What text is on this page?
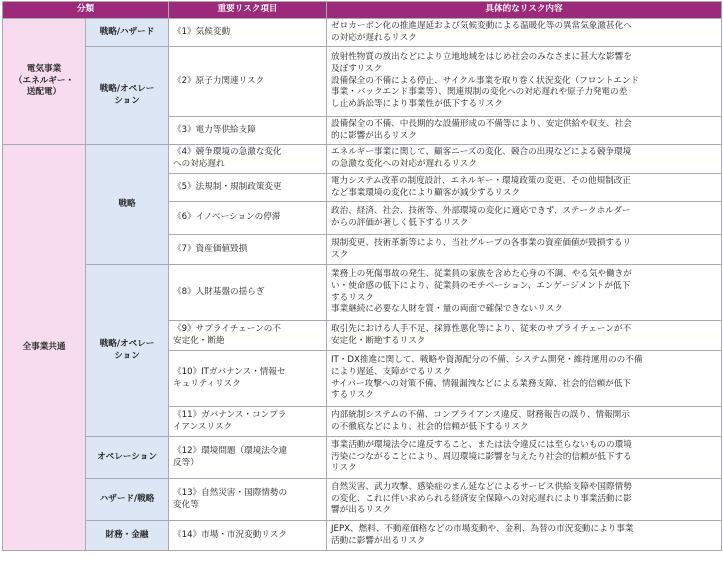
分類		重要リスク項目	具体的なリスク内容
電気事業
（エネルギー・
送配電）	戦略/ハザード	《1》気候変動	ゼロカーボン化の推進遅延および気候変動による温暖化等の異常気象激甚化へ
の対応が遅れるリスク
	戦略/オペレー
ション	《2》原子力関連リスク	放射性物質の放出などにより立地地域をはじめ社会のみなさまに甚大な影響を
及ぼすリスク
設備保全の不備による停止、サイクル事業を取り巻く状況変化（フロントエンド
事業・バックエンド事業等）、関連規制の変化への対応遅れや原子力発電の差
し止め訴訟等により事業性が低下するリスク
		《3》電力等供給支障	設備保全の不備、中長期的な設備形成の不備等により、安定供給や収支、社会
的に影響が出るリスク
全事業共通	戦略	《4》競争環境の急激な変化
への対応遅れ	エネルギー事業に関して、顧客ニーズの変化、競合の出現などによる競争環境
の急激な変化への対応が遅れるリスク
		《5》法規制・規制政策変更	電力システム改革の制度設計、エネルギー・環境政策の変更、その他規制改正
など事業環境の変化により顧客が減少するリスク
		《6》イノベーションの停滞	政治、経済、社会、技術等、外部環境の変化に適応できず、ステークホルダー
からの評価が著しく低下するリスク
		《7》資産価値毀損	規制変更、技術革新等により、当社グループの各事業の資産価値が毀損するリ
スク
	戦略/オペレー
ション	《8》人財基盤の揺らぎ	業務上の死傷事故の発生、従業員の家族を含めた心身の不調、やる気や働きが
い・使命感の低下により、従業員のモチベーション、エンゲージメントが低下
するリスク
事業継続に必要な人財を質・量の両面で確保できないリスク
		《9》サプライチェーンの不
安定化・断絶	取引先における人手不足、採算性悪化等により、従来のサプライチェーンが不
安定化・断絶するリスク
		《10》ITガバナンス・情報セ
キュリティリスク	IT・DX推進に関して、戦略や資源配分の不備、システム開発・維持運用のの不備
により遅延、支障がでるリスク
サイバー攻撃への対策不備、情報漏洩などによる業務支障、社会的信頼が低下
するリスク
		《11》ガバナンス・コンプラ
イアンスリスク	内部統制システムの不備、コンプライアンス違反、財務報告の誤り、情報開示
の不徹底などにより、社会的信頼が低下するリスク
	オペレーション	《12》環境問題（環境法令違
反等）	事業活動が環境法令に違反すること、または法令違反には至らないものの環境
汚染につながることにより、周辺環境に影響を与えたり社会的信頼が低下する
リスク
	ハザード/戦略	《13》自然災害・国際情勢の
変化等	自然災害、武力攻撃、感染症のまん延などによるサービス供給支障や国際情勢
の変化、これに伴い求められる経済安全保障への対応遅れにより事業活動に影
響が出るリスク
	財務・金融	《14》市場・市況変動リスク	JEPX、燃料、不動産価格などの市場変動や、金利、為替の市況変動により事業
活動に影響が出るリスク
